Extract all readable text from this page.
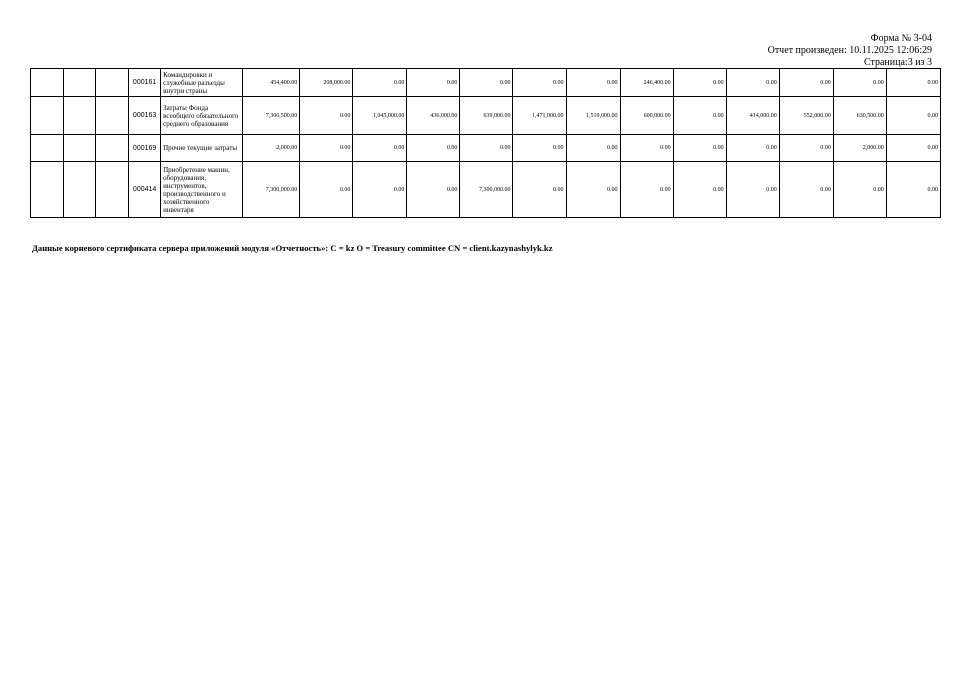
Форма № 3-04
Отчет произведен: 10.11.2025 12:06:29
Страница:3 из 3
			000161	Командировки и служебные разъезды внутри страны	454,400.00	208,000.00	0.00	0.00	0.00	0.00	0.00	246,400.00	0.00	0.00	0.00	0.00	0.00
			000163	Затраты Фонда всеобщего обязательного среднего образования	7,306,500.00	0.00	1,045,000.00	436,000.00	639,000.00	1,471,000.00	1,519,000.00	600,000.00	0.00	414,000.00	552,000.00	630,500.00	0.00
			000169	Прочие текущие затраты	2,000.00	0.00	0.00	0.00	0.00	0.00	0.00	0.00	0.00	0.00	0.00	2,000.00	0.00
			000414	Приобретение машин, оборудования, инструментов, производственного и хозяйственного инвентаря	7,300,000.00	0.00	0.00	0.00	7,300,000.00	0.00	0.00	0.00	0.00	0.00	0.00	0.00	0.00
Данные корневого сертификата сервера приложений модуля «Отчетность»: C = kz O = Treasury committee CN = client.kazynashylyk.kz
